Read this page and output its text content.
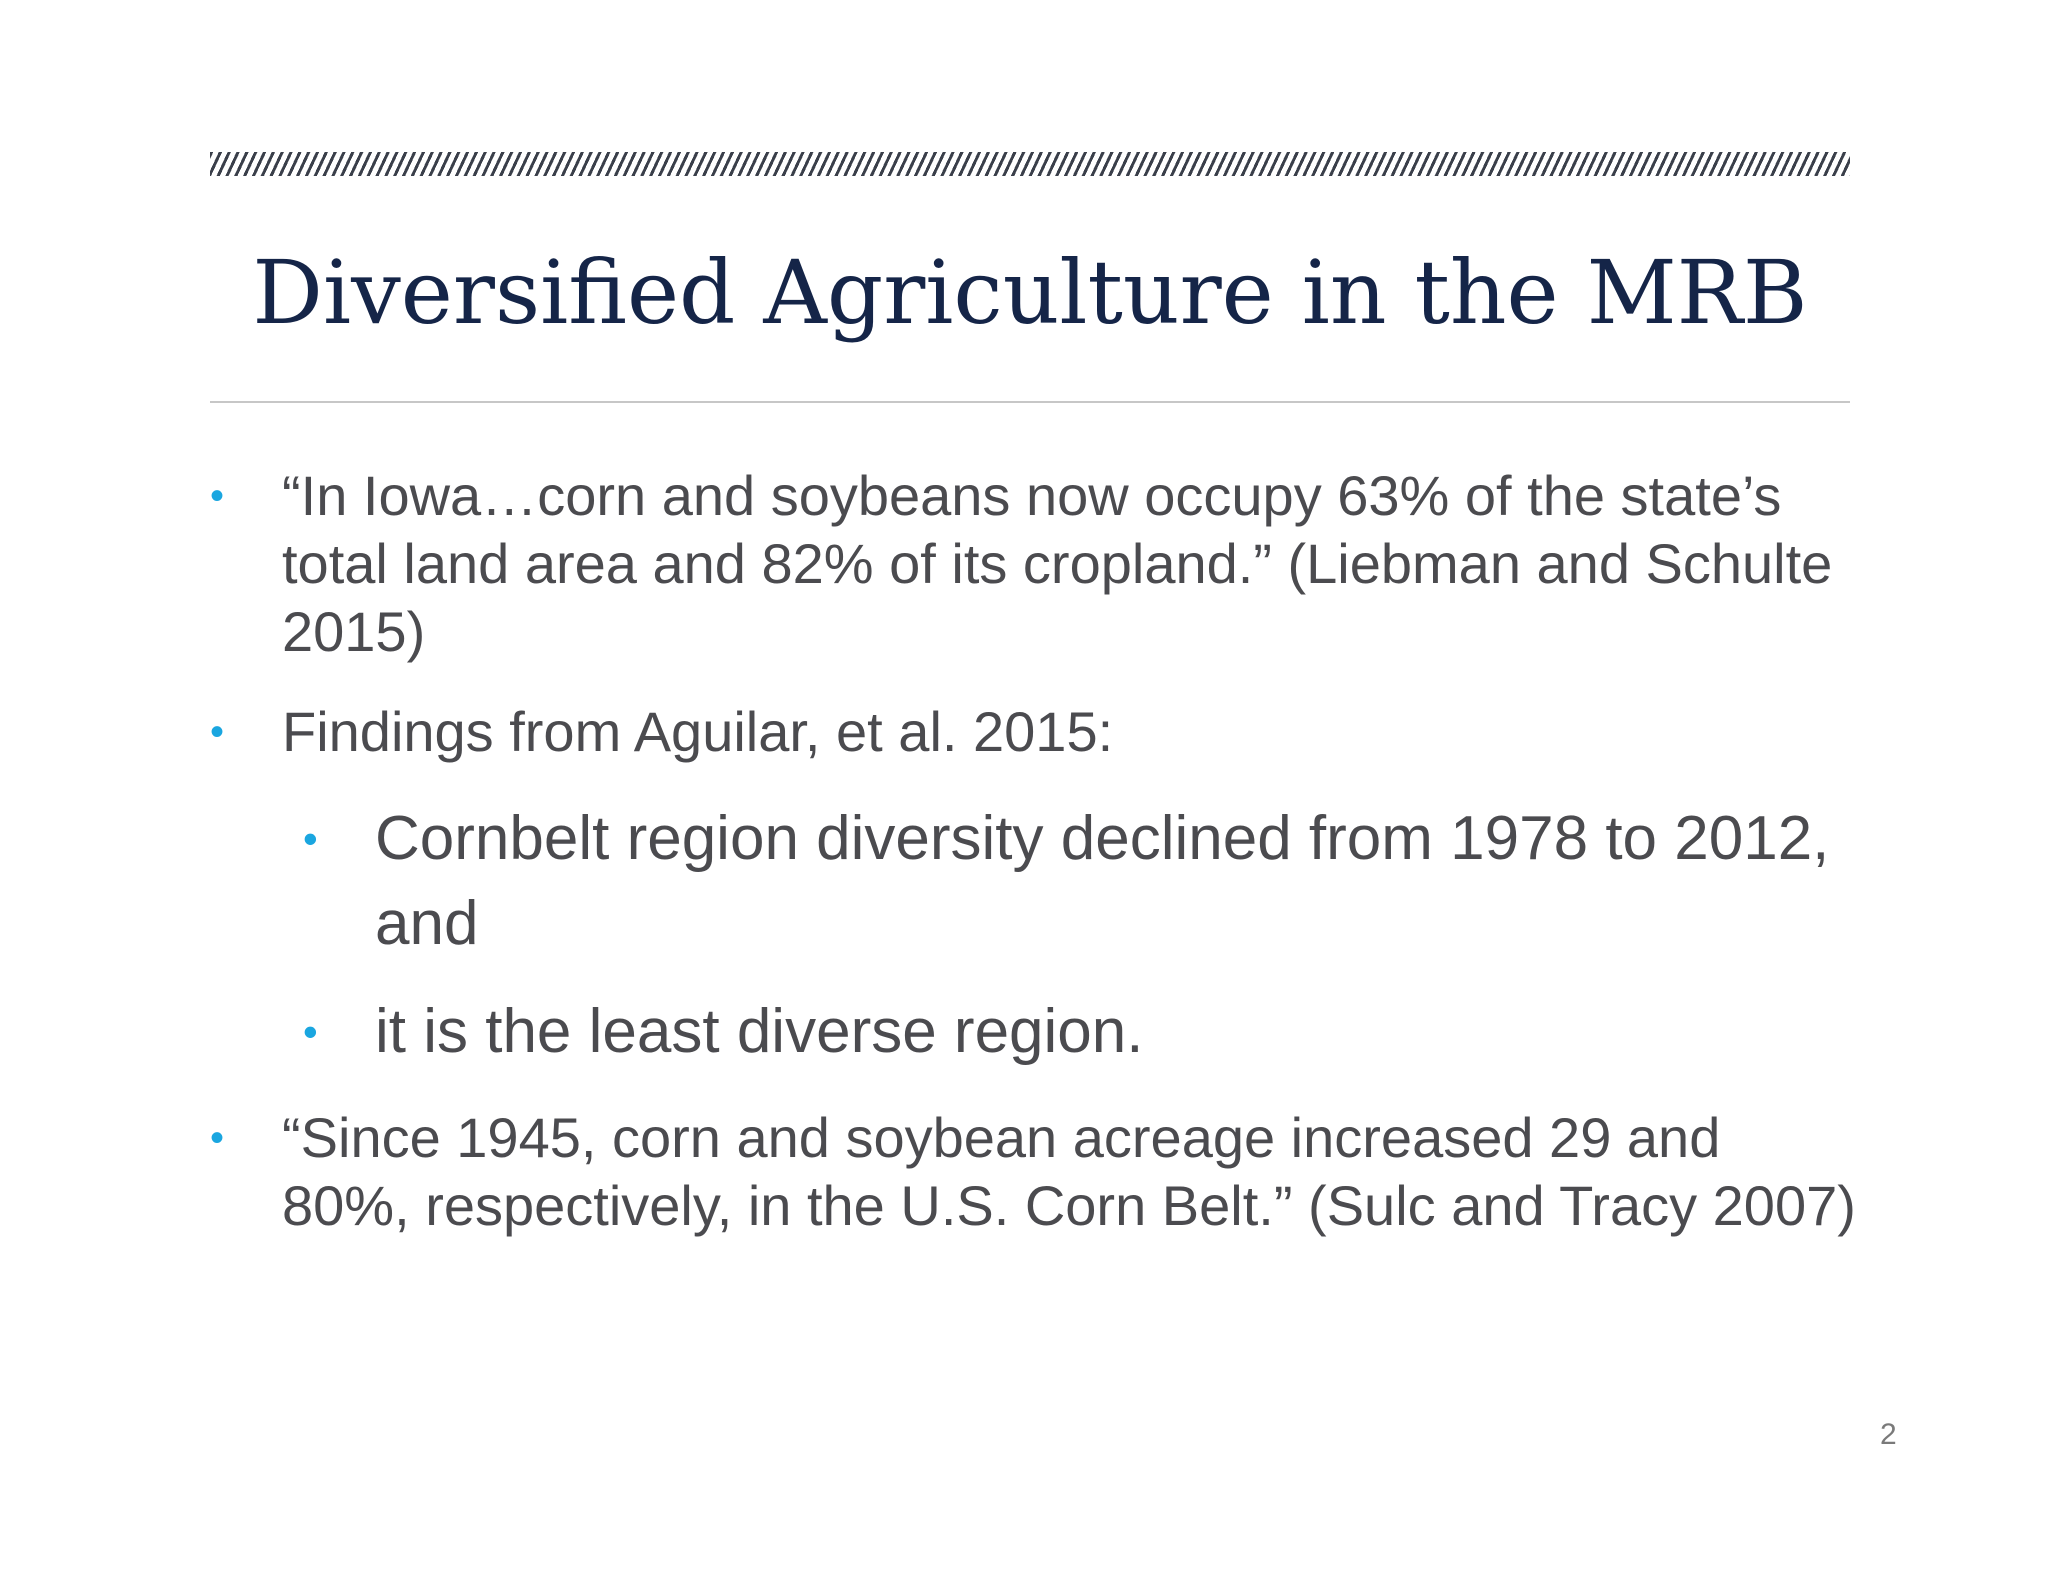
Diversified Agriculture in the MRB
• “In Iowa…corn and soybeans now occupy 63% of the state’s total land area and 82% of its cropland.” (Liebman and Schulte 2015)
• Findings from Aguilar, et al. 2015:
• Cornbelt region diversity declined from 1978 to 2012, and
• it is the least diverse region.
• “Since 1945, corn and soybean acreage increased 29 and 80%, respectively, in the U.S. Corn Belt.” (Sulc and Tracy 2007)
2
